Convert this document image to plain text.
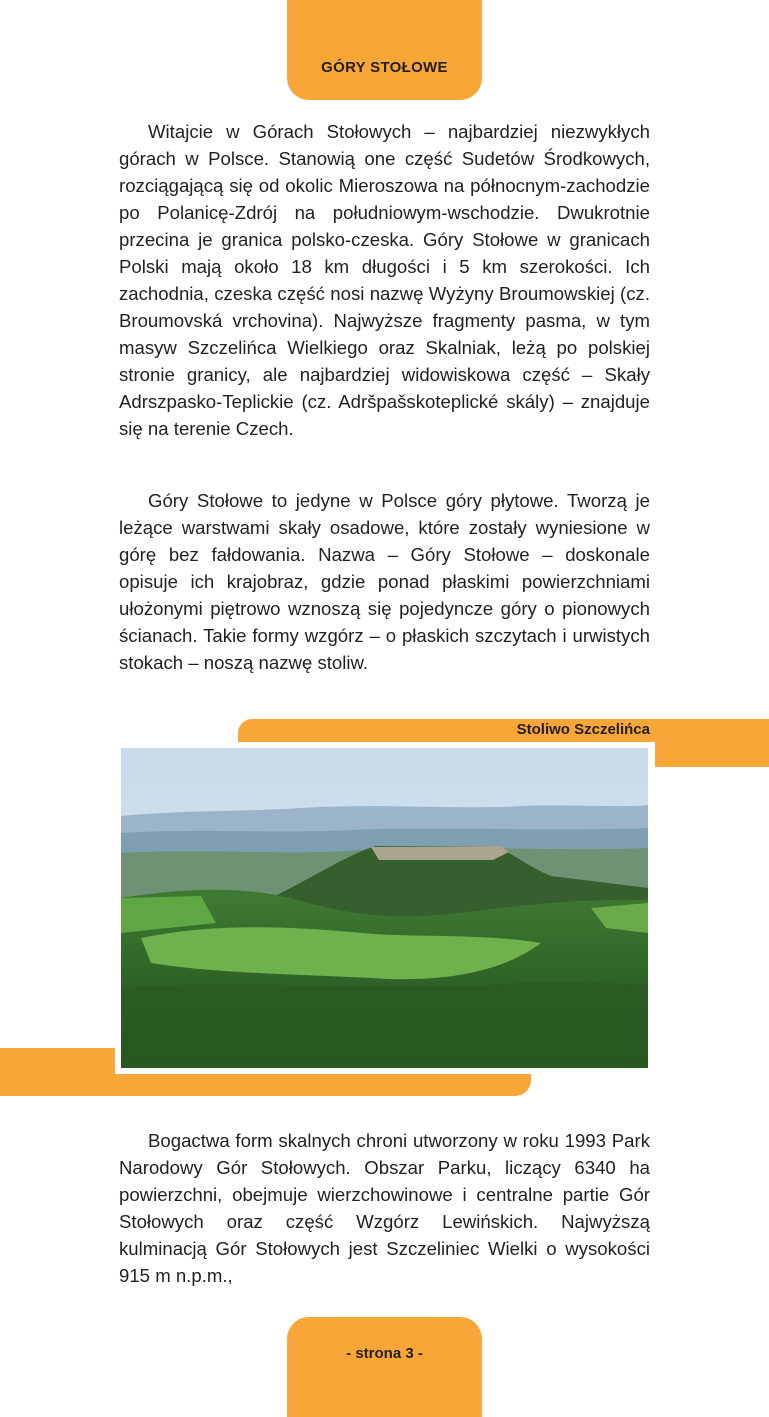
GÓRY STOŁOWE

Witajcie w Górach Stołowych – najbardziej niezwykłych górach w Polsce. Stanowią one część Sudetów Środkowych, rozciągającą się od okolic Mieroszowa na północnym-zachodzie po Polanicę-Zdrój na południowym-wschodzie. Dwukrotnie przecina je granica polsko-czeska. Góry Stołowe w granicach Polski mają około 18 km długości i 5 km szerokości. Ich zachodnia, czeska część nosi nazwę Wyżyny Broumowskiej (cz. Broumovská vrchovina). Najwyższe fragmenty pasma, w tym masyw Szczelińca Wielkiego oraz Skalniak, leżą po polskiej stronie granicy, ale najbardziej widowiskowa część – Skały Adrszpasko-Teplickie (cz. Adršpašskoteplické skály) – znajduje się na terenie Czech.

Góry Stołowe to jedyne w Polsce góry płytowe. Tworzą je leżące warstwami skały osadowe, które zostały wyniesione w górę bez fałdowania. Nazwa – Góry Stołowe – doskonale opisuje ich krajobraz, gdzie ponad płaskimi powierzchniami ułożonymi piętrowo wznoszą się pojedyncze góry o pionowych ścianach. Takie formy wzgórz – o płaskich szczytach i urwistych stokach – noszą nazwę stoliw.

Stoliwo Szczelińca

Bogactwa form skalnych chroni utworzony w roku 1993 Park Narodowy Gór Stołowych. Obszar Parku, liczący 6340 ha powierzchni, obejmuje wierzchowinowe i centralne partie Gór Stołowych oraz część Wzgórz Lewińskich. Najwyższą kulminacją Gór Stołowych jest Szczeliniec Wielki o wysokości 915 m n.p.m.,

- strona 3 -
